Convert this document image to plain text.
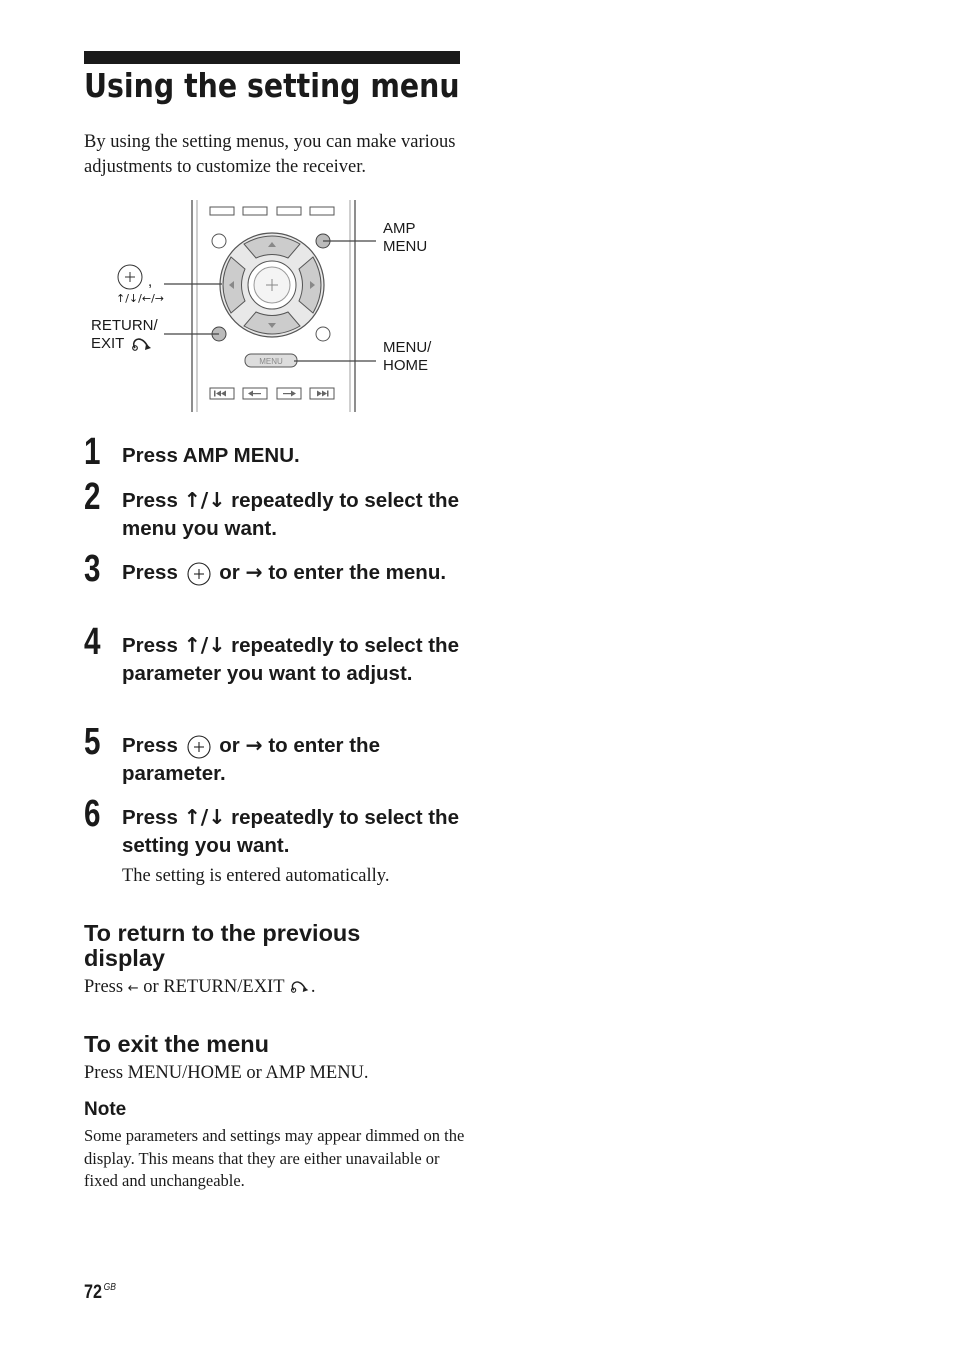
Using the setting menu
By using the setting menus, you can make various adjustments to customize the receiver.
MENU
,
↑/↓/←/→
RETURN/
EXIT
AMP
MENU
MENU/
HOME
1 Press AMP MENU.
2 Press ↑/↓ repeatedly to select the menu you want.
3 Press  or → to enter the menu.
4 Press ↑/↓ repeatedly to select the parameter you want to adjust.
5 Press  or → to enter the parameter.
6 Press ↑/↓ repeatedly to select the setting you want.
The setting is entered automatically.
To return to the previous display
Press ← or RETURN/EXIT .
To exit the menu
Press MENU/HOME or AMP MENU.
Note
Some parameters and settings may appear dimmed on the display. This means that they are either unavailable or fixed and unchangeable.
72 $^{GB}$
